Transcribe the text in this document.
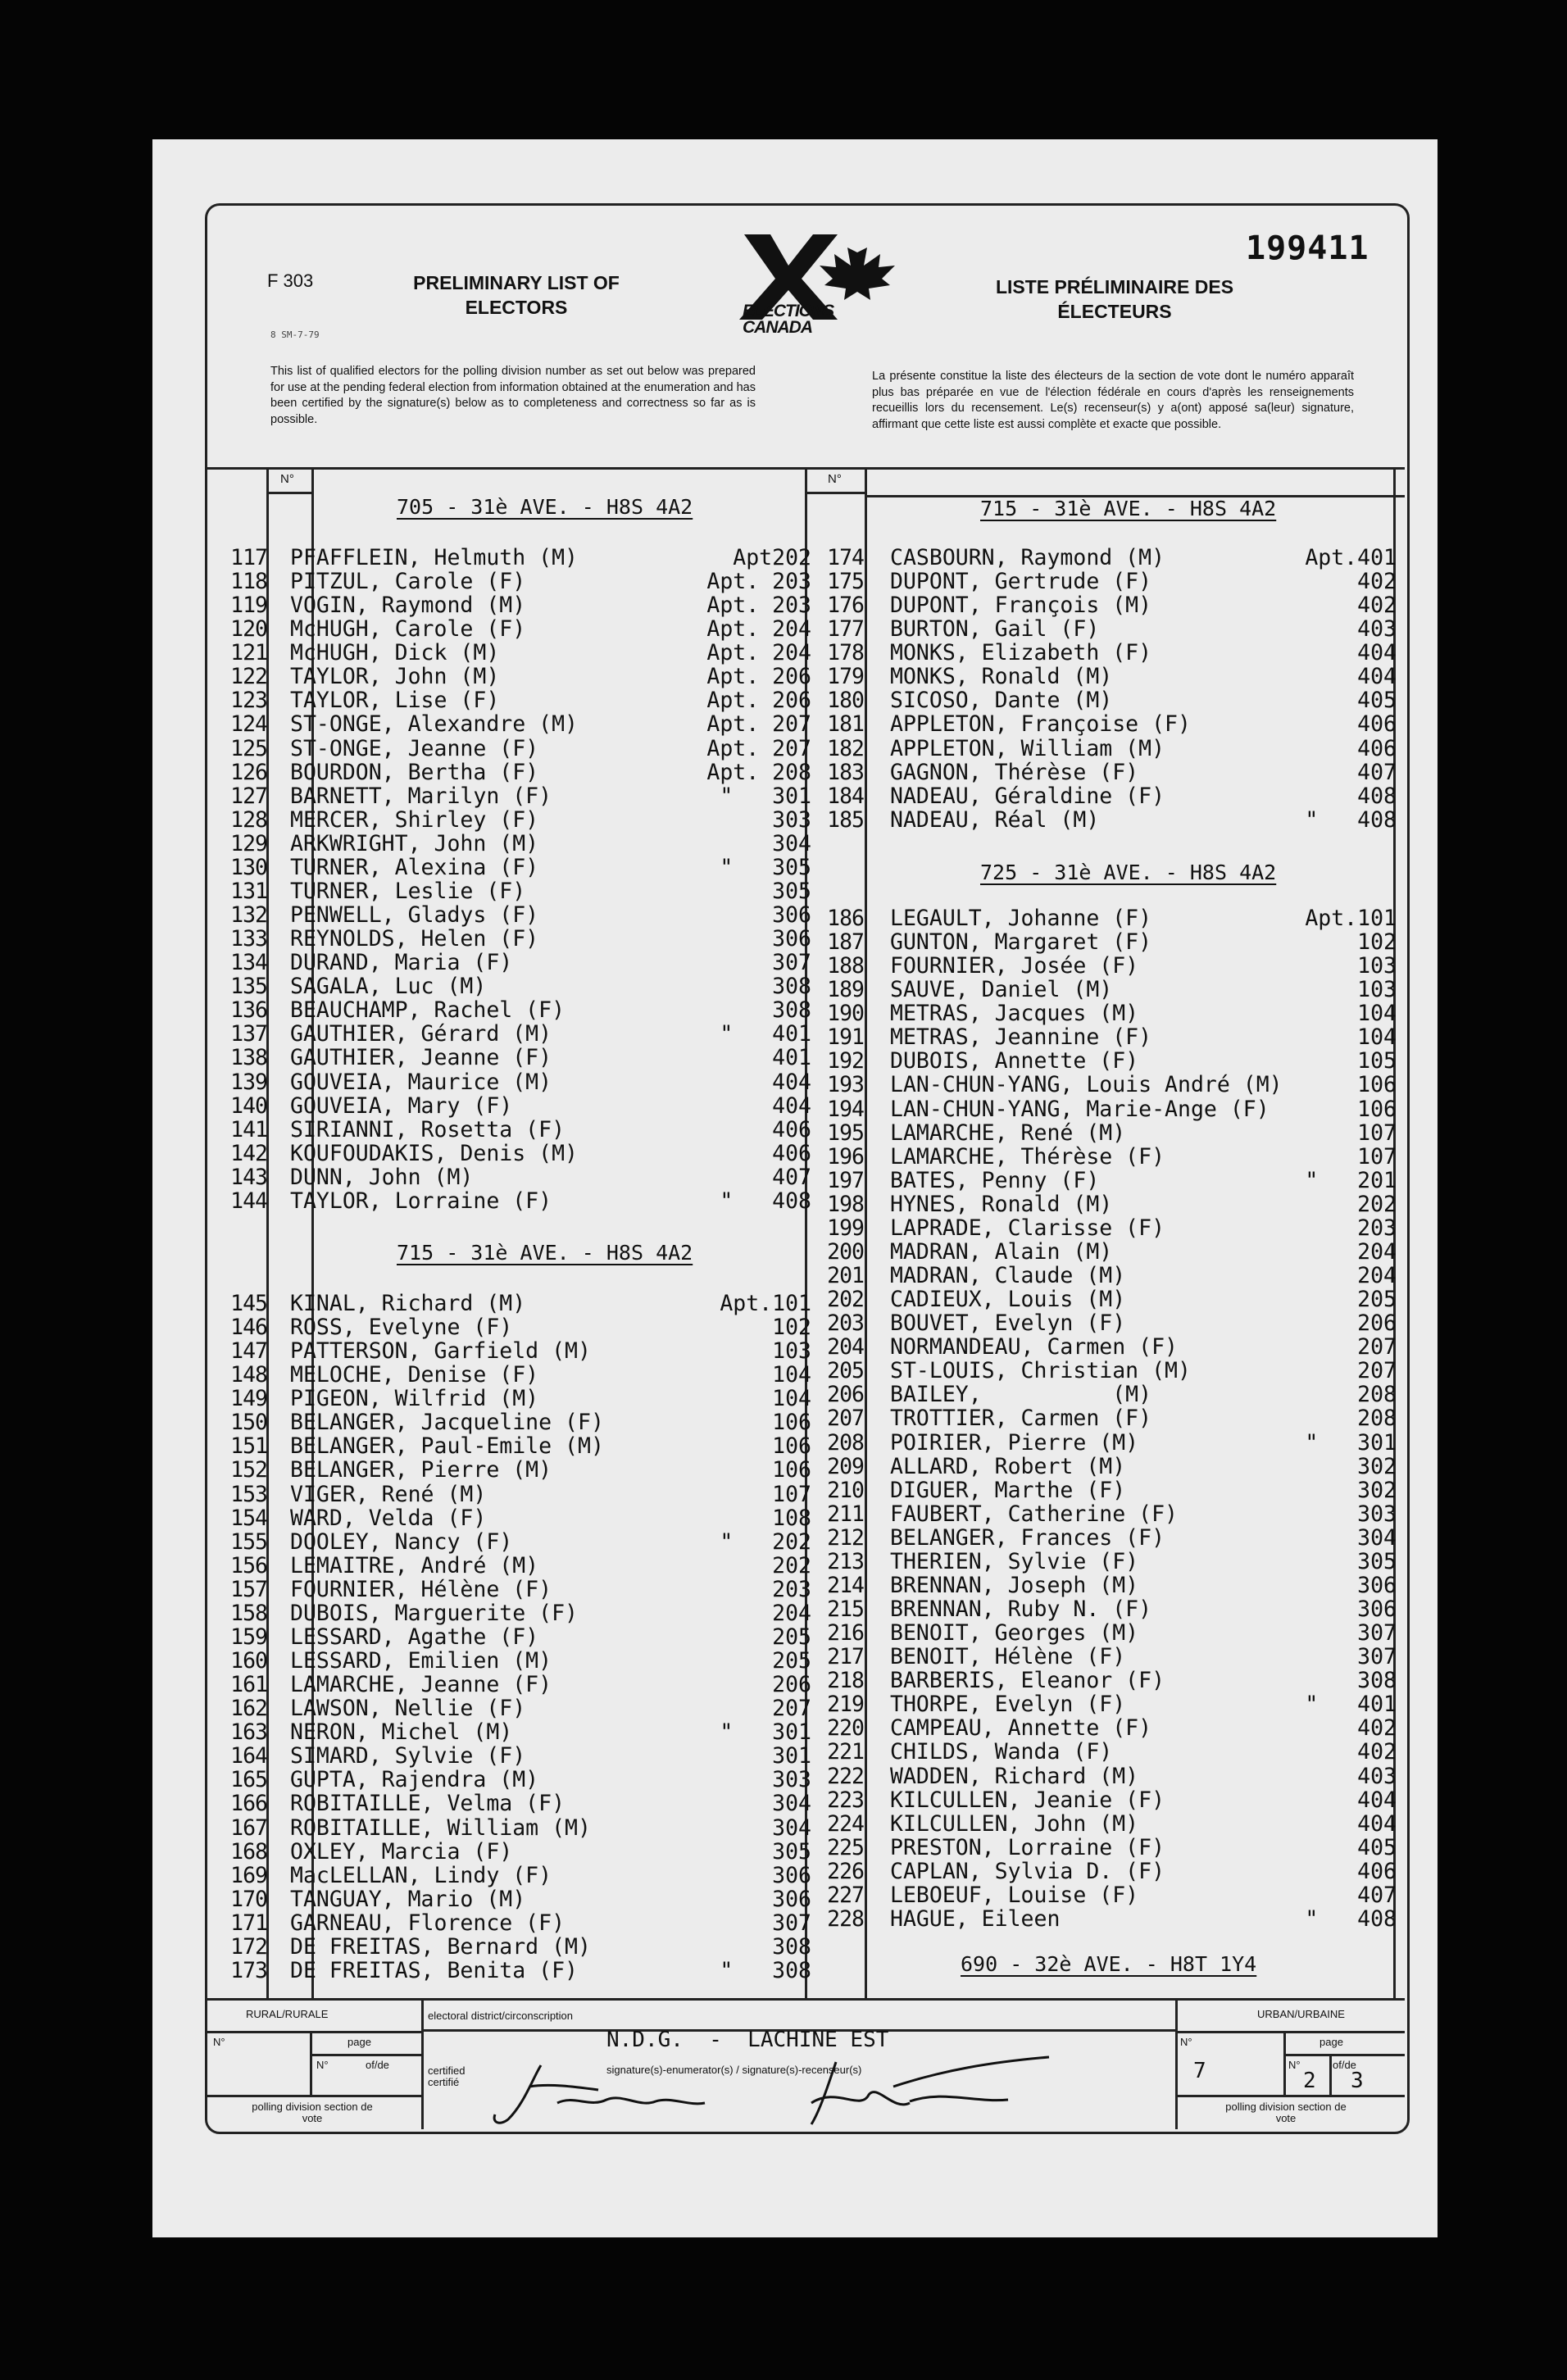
8 SM-7-79
F 303	PRELIMINARY LIST OF ELECTORS
LISTE PRÉLIMINAIRE DES ÉLECTEURS
199411
ELECTIONS CANADA
This list of qualified electors for the polling division number as set out below was prepared for use at the pending federal election from information obtained at the enumeration and has been certified by the signature(s) below as to completeness and correctness so far as is possible.
La présente constitue la liste des électeurs de la section de vote dont le numéro apparaît plus bas préparée en vue de l'élection fédérale en cours d'après les renseignements recueillis lors du recensement. Le(s) recenseur(s) y a(ont) apposé sa(leur) signature, affirmant que cette liste est aussi complète et exacte que possible.
N°	N°
705 - 31è AVE. - H8S 4A2
715 - 31è AVE. - H8S 4A2
715 - 31è AVE. - H8S 4A2
725 - 31è AVE. - H8S 4A2
690 - 32è AVE. - H8T 1Y4
117 PFAFFLEIN, Helmuth (M)	Apt202
118 PITZUL, Carole (F)	Apt. 203
119 VOGIN, Raymond (M)	Apt. 203
120 McHUGH, Carole (F)	Apt. 204
121 McHUGH, Dick (M)	Apt. 204
122 TAYLOR, John (M)	Apt. 206
123 TAYLOR, Lise (F)	Apt. 206
124 ST-ONGE, Alexandre (M)	Apt. 207
125 ST-ONGE, Jeanne (F)	Apt. 207
126 BOURDON, Bertha (F)	Apt. 208
127 BARNETT, Marilyn (F)	"   301
128 MERCER, Shirley (F)	303
129 ARKWRIGHT, John (M)	304
130 TURNER, Alexina (F)	"   305
131 TURNER, Leslie (F)	305
132 PENWELL, Gladys (F)	306
133 REYNOLDS, Helen (F)	306
134 DURAND, Maria (F)	307
135 SAGALA, Luc (M)	308
136 BEAUCHAMP, Rachel (F)	308
137 GAUTHIER, Gérard (M)	"   401
138 GAUTHIER, Jeanne (F)	401
139 GOUVEIA, Maurice (M)	404
140 GOUVEIA, Mary (F)	404
141 SIRIANNI, Rosetta (F)	406
142 KOUFOUDAKIS, Denis (M)	406
143 DUNN, John (M)	407
144 TAYLOR, Lorraine (F)	"   408
145 KINAL, Richard (M)	Apt.101
146 ROSS, Evelyne (F)	102
147 PATTERSON, Garfield (M)	103
148 MELOCHE, Denise (F)	104
149 PIGEON, Wilfrid (M)	104
150 BELANGER, Jacqueline (F)	106
151 BELANGER, Paul-Emile (M)	106
152 BELANGER, Pierre (M)	106
153 VIGER, René (M)	107
154 WARD, Velda (F)	108
155 DOOLEY, Nancy (F)	"   202
156 LEMAITRE, André (M)	202
157 FOURNIER, Hélène (F)	203
158 DUBOIS, Marguerite (F)	204
159 LESSARD, Agathe (F)	205
160 LESSARD, Emilien (M)	205
161 LAMARCHE, Jeanne (F)	206
162 LAWSON, Nellie (F)	207
163 NERON, Michel (M)	"   301
164 SIMARD, Sylvie (F)	301
165 GUPTA, Rajendra (M)	303
166 ROBITAILLE, Velma (F)	304
167 ROBITAILLE, William (M)	304
168 OXLEY, Marcia (F)	305
169 MacLELLAN, Lindy (F)	306
170 TANGUAY, Mario (M)	306
171 GARNEAU, Florence (F)	307
172 DE FREITAS, Bernard (M)	308
173 DE FREITAS, Benita (F)	"   308
174 CASBOURN, Raymond (M)	Apt.401
175 DUPONT, Gertrude (F)	402
176 DUPONT, François (M)	402
177 BURTON, Gail (F)	403
178 MONKS, Elizabeth (F)	404
179 MONKS, Ronald (M)	404
180 SICOSO, Dante (M)	405
181 APPLETON, Françoise (F)	406
182 APPLETON, William (M)	406
183 GAGNON, Thérèse (F)	407
184 NADEAU, Géraldine (F)	408
185 NADEAU, Réal (M)	"   408
186 LEGAULT, Johanne (F)	Apt.101
187 GUNTON, Margaret (F)	102
188 FOURNIER, Josée (F)	103
189 SAUVE, Daniel (M)	103
190 METRAS, Jacques (M)	104
191 METRAS, Jeannine (F)	104
192 DUBOIS, Annette (F)	105
193 LAN-CHUN-YANG, Louis André (M)	106
194 LAN-CHUN-YANG, Marie-Ange (F)	106
195 LAMARCHE, René (M)	107
196 LAMARCHE, Thérèse (F)	107
197 BATES, Penny (F)	"   201
198 HYNES, Ronald (M)	202
199 LAPRADE, Clarisse (F)	203
200 MADRAN, Alain (M)	204
201 MADRAN, Claude (M)	204
202 CADIEUX, Louis (M)	205
203 BOUVET, Evelyn (F)	206
204 NORMANDEAU, Carmen (F)	207
205 ST-LOUIS, Christian (M)	207
206 BAILEY,          (M)	208
207 TROTTIER, Carmen (F)	208
208 POIRIER, Pierre (M)	"   301
209 ALLARD, Robert (M)	302
210 DIGUER, Marthe (F)	302
211 FAUBERT, Catherine (F)	303
212 BELANGER, Frances (F)	304
213 THERIEN, Sylvie (F)	305
214 BRENNAN, Joseph (M)	306
215 BRENNAN, Ruby N. (F)	306
216 BENOIT, Georges (M)	307
217 BENOIT, Hélène (F)	307
218 BARBERIS, Eleanor (F)	308
219 THORPE, Evelyn (F)	"   401
220 CAMPEAU, Annette (F)	402
221 CHILDS, Wanda (F)	402
222 WADDEN, Richard (M)	403
223 KILCULLEN, Jeanie (F)	404
224 KILCULLEN, John (M)	404
225 PRESTON, Lorraine (F)	405
226 CAPLAN, Sylvia D. (F)	406
227 LEBOEUF, Louise (F)	407
228 HAGUE, Eileen	"   408
RURAL/RURALE
N°	page
N°	of/de
polling division section de vote
electoral district/circonscription
N.D.G.  -  LACHINE EST
certified certifié
signature(s)-enumerator(s) / signature(s)-recenseur(s)
URBAN/URBAINE
N°	page
N°	of/de
7	2 3
polling division section de vote
